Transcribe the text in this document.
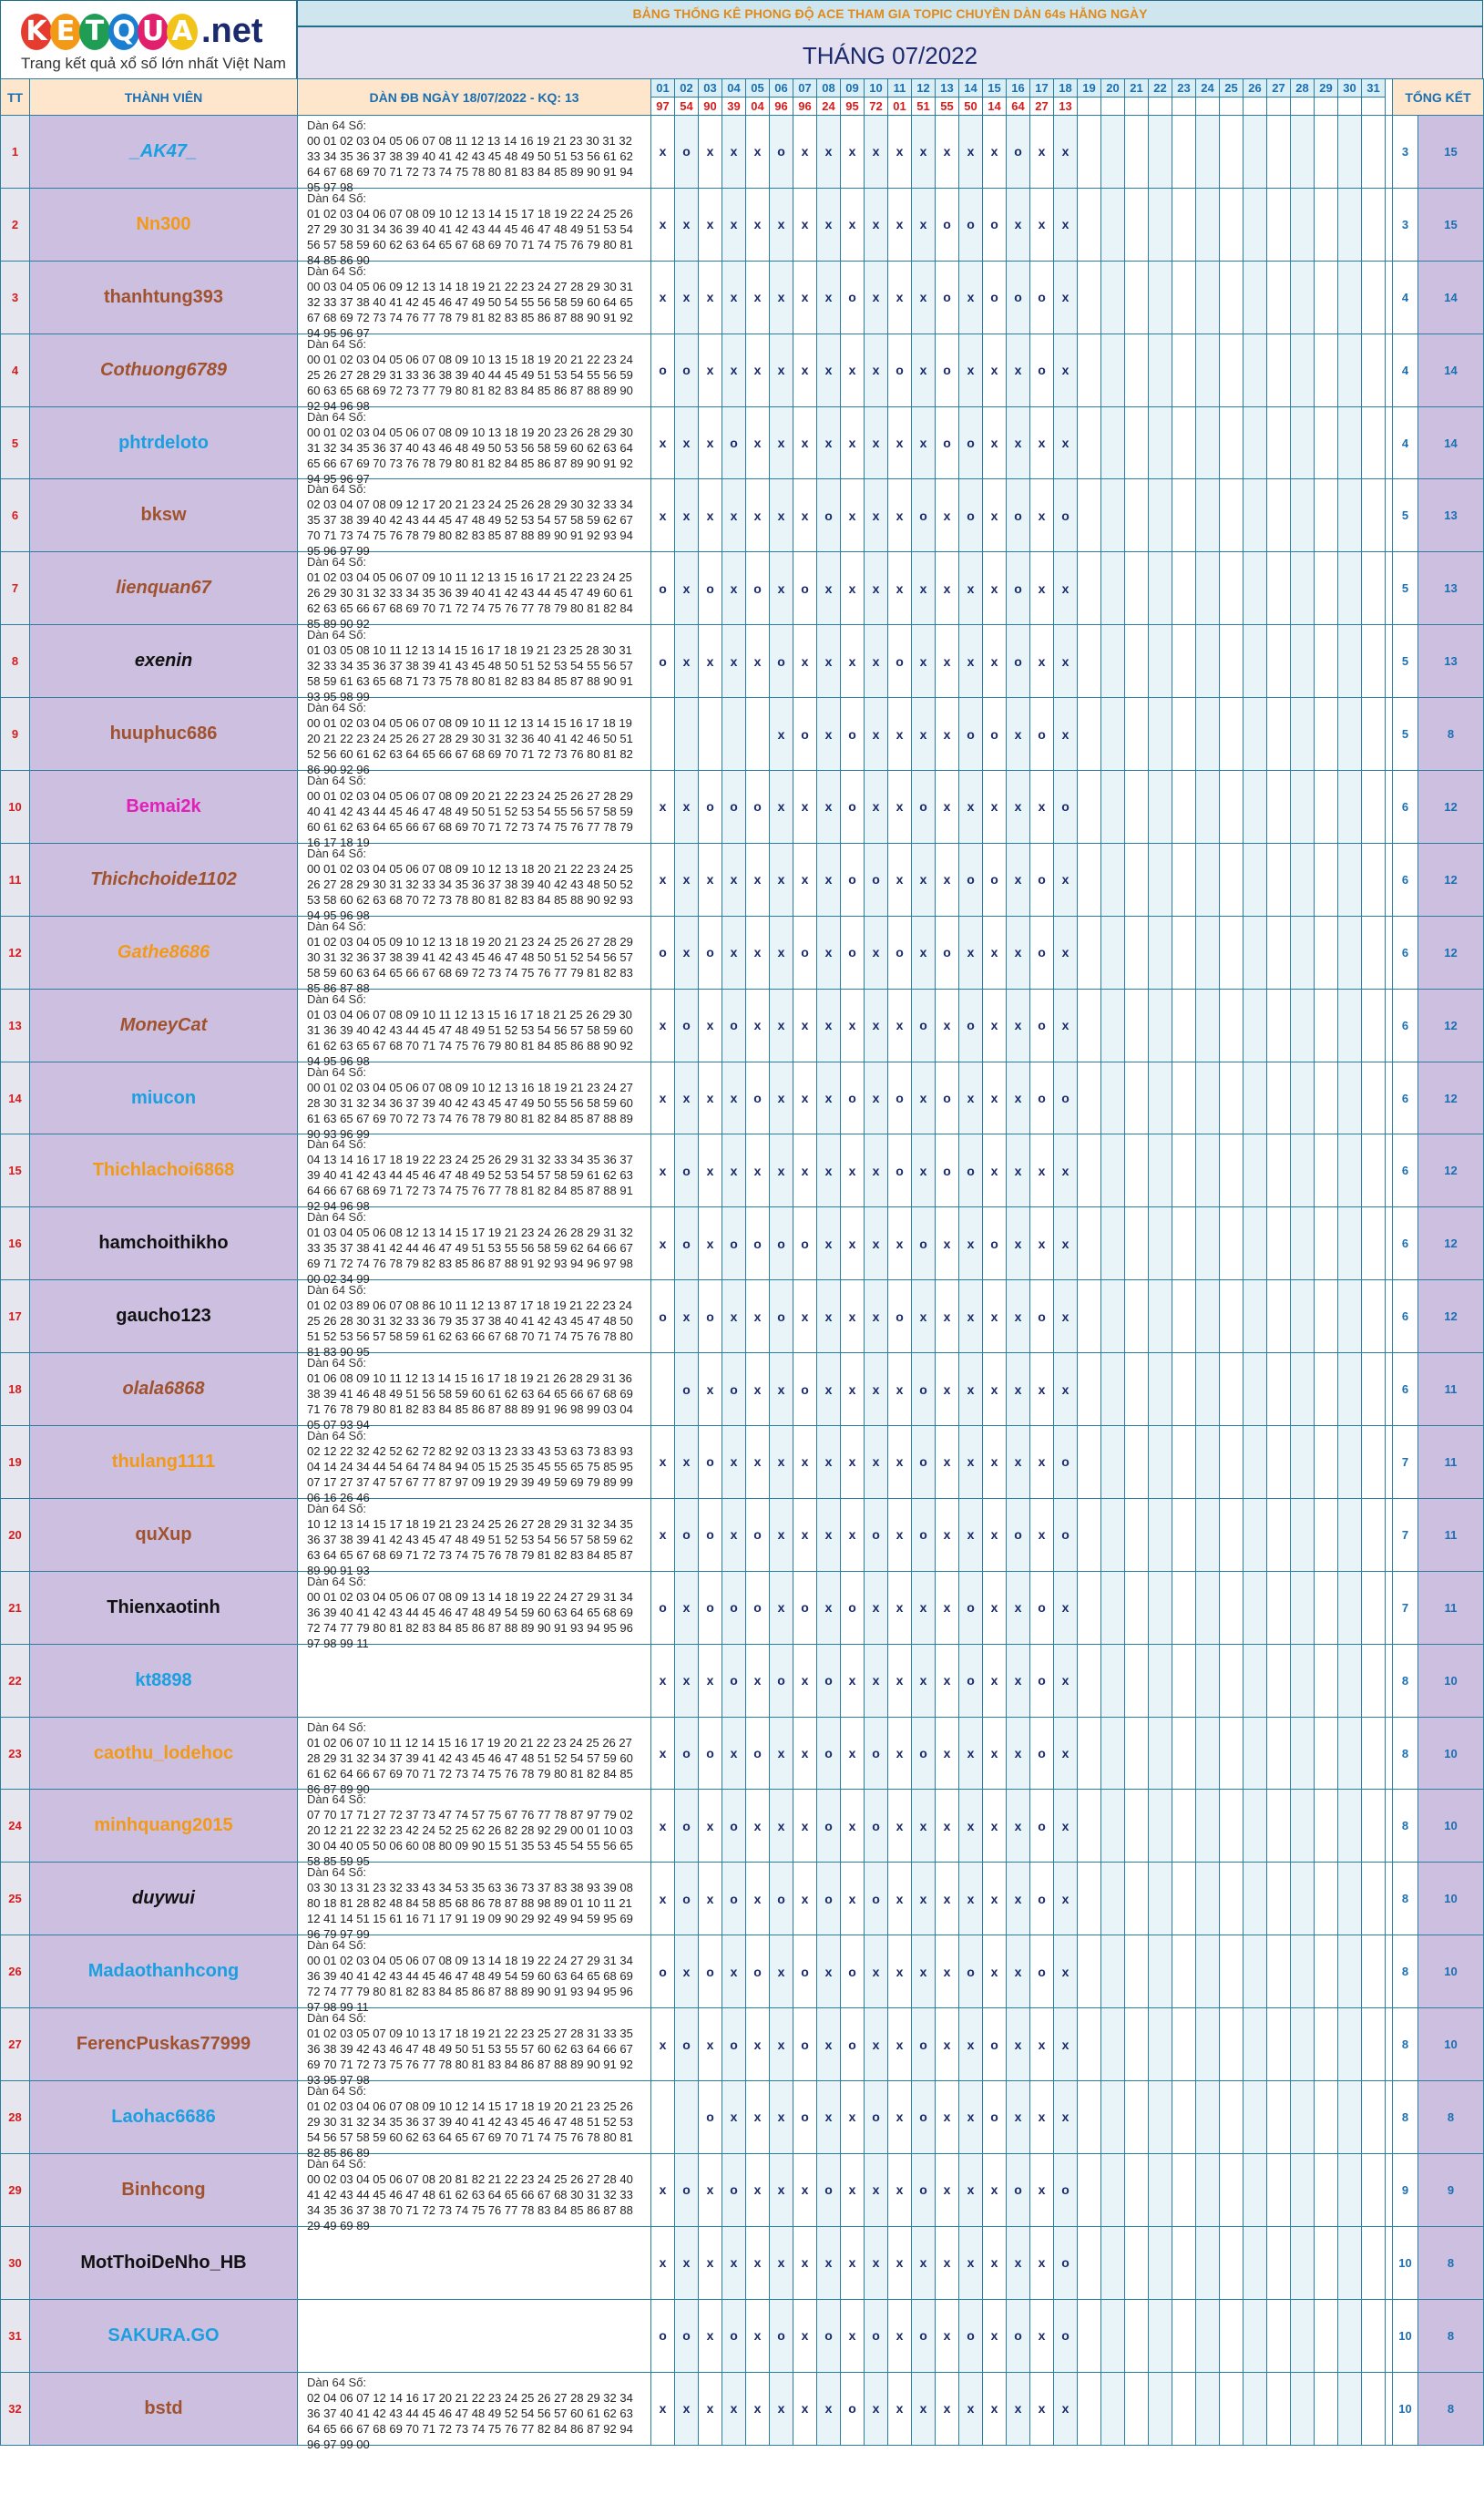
K E T Q U A .net
Trang kết quả xổ số lớn nhất Việt Nam
BẢNG THỐNG KÊ PHONG ĐỘ ACE THAM GIA TOPIC CHUYỀN DÀN 64s HẰNG NGÀY
THÁNG 07/2022
TT	THÀNH VIÊN	DÀN ĐB NGÀY 18/07/2022 - KQ: 13	01	02	03	04	05	06	07	08	09	10	11	12	13	14	15	16	17	18	19	20	21	22	23	24	25	26	27	28	29	30	31		TỔNG KẾT	
			97	54	90	39	04	96	96	24	95	72	01	51	55	50	14	64	27	13																
1	_AK47_	Dàn 64 Số:
00 01 02 03 04 05 06 07 08 11 12 13 14 16 19 21 23 30 31 32 33 34 35 36 37 38 39 40 41 42 43 45 48 49 50 51 53 56 61 62 64 67 68 69 70 71 72 73 74 75 78 80 81 83 84 85 89 90 91 94 95 97 98	x	o	x	x	x	o	x	x	x	x	x	x	x	x	x	o	x	x															3	15
2	Nn300	Dàn 64 Số:
01 02 03 04 06 07 08 09 10 12 13 14 15 17 18 19 22 24 25 26 27 29 30 31 34 36 39 40 41 42 43 44 45 46 47 48 49 51 53 54 56 57 58 59 60 62 63 64 65 67 68 69 70 71 74 75 76 79 80 81 84 85 86 90	x	x	x	x	x	x	x	x	x	x	x	x	o	o	o	x	x	x															3	15
3	thanhtung393	Dàn 64 Số:
00 03 04 05 06 09 12 13 14 18 19 21 22 23 24 27 28 29 30 31 32 33 37 38 40 41 42 45 46 47 49 50 54 55 56 58 59 60 64 65 67 68 69 72 73 74 76 77 78 79 81 82 83 85 86 87 88 90 91 92 94 95 96 97	x	x	x	x	x	x	x	x	o	x	x	x	o	x	o	o	o	x															4	14
4	Cothuong6789	Dàn 64 Số:
00 01 02 03 04 05 06 07 08 09 10 13 15 18 19 20 21 22 23 24 25 26 27 28 29 31 33 36 38 39 40 44 45 49 51 53 54 55 56 59 60 63 65 68 69 72 73 77 79 80 81 82 83 84 85 86 87 88 89 90 92 94 96 98	o	o	x	x	x	x	x	x	x	x	o	x	o	x	x	x	o	x															4	14
5	phtrdeloto	Dàn 64 Số:
00 01 02 03 04 05 06 07 08 09 10 13 18 19 20 23 26 28 29 30 31 32 34 35 36 37 40 43 46 48 49 50 53 56 58 59 60 62 63 64 65 66 67 69 70 73 76 78 79 80 81 82 84 85 86 87 89 90 91 92 94 95 96 97	x	x	x	o	x	x	x	x	x	x	x	x	o	o	x	x	x	x															4	14
6	bksw	Dàn 64 Số:
02 03 04 07 08 09 12 17 20 21 23 24 25 26 28 29 30 32 33 34 35 37 38 39 40 42 43 44 45 47 48 49 52 53 54 57 58 59 62 67 70 71 73 74 75 76 78 79 80 82 83 85 87 88 89 90 91 92 93 94 95 96 97 99	x	x	x	x	x	x	x	o	x	x	x	o	x	o	x	o	x	o															5	13
7	lienquan67	Dàn 64 Số:
01 02 03 04 05 06 07 09 10 11 12 13 15 16 17 21 22 23 24 25 26 29 30 31 32 33 34 35 36 39 40 41 42 43 44 45 47 49 60 61 62 63 65 66 67 68 69 70 71 72 74 75 76 77 78 79 80 81 82 84 85 89 90 92	o	x	o	x	o	x	o	x	x	x	x	x	x	x	x	o	x	x															5	13
8	exenin	Dàn 64 Số:
01 03 05 08 10 11 12 13 14 15 16 17 18 19 21 23 25 28 30 31 32 33 34 35 36 37 38 39 41 43 45 48 50 51 52 53 54 55 56 57 58 59 61 63 65 68 71 73 75 78 80 81 82 83 84 85 87 88 90 91 93 95 98 99	o	x	x	x	x	o	x	x	x	x	o	x	x	x	x	o	x	x															5	13
9	huuphuc686	Dàn 64 Số:
00 01 02 03 04 05 06 07 08 09 10 11 12 13 14 15 16 17 18 19 20 21 22 23 24 25 26 27 28 29 30 31 32 36 40 41 42 46 50 51 52 56 60 61 62 63 64 65 66 67 68 69 70 71 72 73 76 80 81 82 86 90 92 96						x	o	x	o	x	x	x	x	o	o	x	o	x															5	8
10	Bemai2k	Dàn 64 Số:
00 01 02 03 04 05 06 07 08 09 20 21 22 23 24 25 26 27 28 29 40 41 42 43 44 45 46 47 48 49 50 51 52 53 54 55 56 57 58 59 60 61 62 63 64 65 66 67 68 69 70 71 72 73 74 75 76 77 78 79 16 17 18 19	x	x	o	o	o	x	x	x	o	x	x	o	x	x	x	x	x	o															6	12
11	Thichchoide1102	Dàn 64 Số:
00 01 02 03 04 05 06 07 08 09 10 12 13 18 20 21 22 23 24 25 26 27 28 29 30 31 32 33 34 35 36 37 38 39 40 42 43 48 50 52 53 58 60 62 63 68 70 72 73 78 80 81 82 83 84 85 88 90 92 93 94 95 96 98	x	x	x	x	x	x	x	x	o	o	x	x	x	o	o	x	o	x															6	12
12	Gathe8686	Dàn 64 Số:
01 02 03 04 05 09 10 12 13 18 19 20 21 23 24 25 26 27 28 29 30 31 32 36 37 38 39 41 42 43 45 46 47 48 50 51 52 54 56 57 58 59 60 63 64 65 66 67 68 69 72 73 74 75 76 77 79 81 82 83 85 86 87 88	o	x	o	x	x	x	o	x	o	x	o	x	o	x	x	x	o	x															6	12
13	MoneyCat	Dàn 64 Số:
01 03 04 06 07 08 09 10 11 12 13 15 16 17 18 21 25 26 29 30 31 36 39 40 42 43 44 45 47 48 49 51 52 53 54 56 57 58 59 60 61 62 63 65 67 68 70 71 74 75 76 79 80 81 84 85 86 88 90 92 94 95 96 98	x	o	x	o	x	x	x	x	x	x	x	o	x	o	x	x	o	x															6	12
14	miucon	Dàn 64 Số:
00 01 02 03 04 05 06 07 08 09 10 12 13 16 18 19 21 23 24 27 28 30 31 32 34 36 37 39 40 42 43 45 47 49 50 55 56 58 59 60 61 63 65 67 69 70 72 73 74 76 78 79 80 81 82 84 85 87 88 89 90 93 96 99	x	x	x	x	o	x	x	x	o	x	o	x	o	x	x	x	o	o															6	12
15	Thichlachoi6868	Dàn 64 Số:
04 13 14 16 17 18 19 22 23 24 25 26 29 31 32 33 34 35 36 37 39 40 41 42 43 44 45 46 47 48 49 52 53 54 57 58 59 61 62 63 64 66 67 68 69 71 72 73 74 75 76 77 78 81 82 84 85 87 88 91 92 94 96 98	x	o	x	x	x	x	x	x	x	x	o	x	o	o	x	x	x	x															6	12
16	hamchoithikho	Dàn 64 Số:
01 03 04 05 06 08 12 13 14 15 17 19 21 23 24 26 28 29 31 32 33 35 37 38 41 42 44 46 47 49 51 53 55 56 58 59 62 64 66 67 69 71 72 74 76 78 79 82 83 85 86 87 88 91 92 93 94 96 97 98 00 02 34 99	x	o	x	o	o	o	o	x	x	x	x	o	x	x	o	x	x	x															6	12
17	gaucho123	Dàn 64 Số:
01 02 03 89 06 07 08 86 10 11 12 13 87 17 18 19 21 22 23 24 25 26 28 30 31 32 33 36 79 35 37 38 40 41 42 43 45 47 48 50 51 52 53 56 57 58 59 61 62 63 66 67 68 70 71 74 75 76 78 80 81 83 90 95	o	x	o	x	x	o	x	x	x	x	o	x	x	x	x	x	o	x															6	12
18	olala6868	Dàn 64 Số:
01 06 08 09 10 11 12 13 14 15 16 17 18 19 21 26 28 29 31 36 38 39 41 46 48 49 51 56 58 59 60 61 62 63 64 65 66 67 68 69 71 76 78 79 80 81 82 83 84 85 86 87 88 89 91 96 98 99 03 04 05 07 93 94		o	x	o	x	x	o	x	x	x	x	o	x	x	x	x	x	x															6	11
19	thulang1111	Dàn 64 Số:
02 12 22 32 42 52 62 72 82 92 03 13 23 33 43 53 63 73 83 93 04 14 24 34 44 54 64 74 84 94 05 15 25 35 45 55 65 75 85 95 07 17 27 37 47 57 67 77 87 97 09 19 29 39 49 59 69 79 89 99 06 16 26 46	x	x	o	x	x	x	x	x	x	x	x	o	x	x	x	x	x	o															7	11
20	quXup	Dàn 64 Số:
10 12 13 14 15 17 18 19 21 23 24 25 26 27 28 29 31 32 34 35 36 37 38 39 41 42 43 45 47 48 49 51 52 53 54 56 57 58 59 62 63 64 65 67 68 69 71 72 73 74 75 76 78 79 81 82 83 84 85 87 89 90 91 93	x	o	o	x	o	x	x	x	x	o	x	o	x	x	x	o	x	o															7	11
21	Thienxaotinh	Dàn 64 Số:
00 01 02 03 04 05 06 07 08 09 13 14 18 19 22 24 27 29 31 34 36 39 40 41 42 43 44 45 46 47 48 49 54 59 60 63 64 65 68 69 72 74 77 79 80 81 82 83 84 85 86 87 88 89 90 91 93 94 95 96 97 98 99 11	o	x	o	o	o	x	o	x	o	x	x	x	x	o	x	x	o	x															7	11
22	kt8898		x	x	x	o	x	o	x	o	x	x	x	x	x	o	x	x	o	x															8	10
23	caothu_lodehoc	Dàn 64 Số:
01 02 06 07 10 11 12 14 15 16 17 19 20 21 22 23 24 25 26 27 28 29 31 32 34 37 39 41 42 43 45 46 47 48 51 52 54 57 59 60 61 62 64 66 67 69 70 71 72 73 74 75 76 78 79 80 81 82 84 85 86 87 89 90	x	o	o	x	o	x	x	o	x	o	x	o	x	x	x	x	o	x															8	10
24	minhquang2015	Dàn 64 Số:
07 70 17 71 27 72 37 73 47 74 57 75 67 76 77 78 87 97 79 02 20 12 21 22 32 23 42 24 52 25 62 26 82 28 92 29 00 01 10 03 30 04 40 05 50 06 60 08 80 09 90 15 51 35 53 45 54 55 56 65 58 85 59 95	x	o	x	o	x	x	x	o	x	o	x	x	x	x	x	x	o	x															8	10
25	duywui	Dàn 64 Số:
03 30 13 31 23 32 33 43 34 53 35 63 36 73 37 83 38 93 39 08 80 18 81 28 82 48 84 58 85 68 86 78 87 88 98 89 01 10 11 21 12 41 14 51 15 61 16 71 17 91 19 09 90 29 92 49 94 59 95 69 96 79 97 99	x	o	x	o	x	o	x	o	x	o	x	x	x	x	x	x	o	x															8	10
26	Madaothanhcong	Dàn 64 Số:
00 01 02 03 04 05 06 07 08 09 13 14 18 19 22 24 27 29 31 34 36 39 40 41 42 43 44 45 46 47 48 49 54 59 60 63 64 65 68 69 72 74 77 79 80 81 82 83 84 85 86 87 88 89 90 91 93 94 95 96 97 98 99 11	o	x	o	x	o	x	o	x	o	x	x	x	x	o	x	x	o	x															8	10
27	FerencPuskas77999	Dàn 64 Số:
01 02 03 05 07 09 10 13 17 18 19 21 22 23 25 27 28 31 33 35 36 38 39 42 43 46 47 48 49 50 51 53 55 57 60 62 63 64 66 67 69 70 71 72 73 75 76 77 78 80 81 83 84 86 87 88 89 90 91 92 93 95 97 98	x	o	x	o	x	x	o	x	o	x	x	o	x	x	o	x	x	x															8	10
28	Laohac6686	Dàn 64 Số:
01 02 03 04 06 07 08 09 10 12 14 15 17 18 19 20 21 23 25 26 29 30 31 32 34 35 36 37 39 40 41 42 43 45 46 47 48 51 52 53 54 56 57 58 59 60 62 63 64 65 67 69 70 71 74 75 76 78 80 81 82 85 86 89			o	x	x	x	o	x	x	o	x	o	x	x	o	x	x	x															8	8
29	Binhcong	Dàn 64 Số:
00 02 03 04 05 06 07 08 20 81 82 21 22 23 24 25 26 27 28 40 41 42 43 44 45 46 47 48 61 62 63 64 65 66 67 68 30 31 32 33 34 35 36 37 38 70 71 72 73 74 75 76 77 78 83 84 85 86 87 88 29 49 69 89	x	o	x	o	x	x	x	o	x	x	x	o	x	x	x	o	x	o															9	9
30	MotThoiDeNho_HB		x	x	x	x	x	x	x	x	x	x	x	x	x	x	x	x	x	o															10	8
31	SAKURA.GO		o	o	x	o	x	o	x	o	x	o	x	o	x	o	x	o	x	o															10	8
32	bstd	Dàn 64 Số:
02 04 06 07 12 14 16 17 20 21 22 23 24 25 26 27 28 29 32 34 36 37 40 41 42 43 44 45 46 47 48 49 52 54 56 57 60 61 62 63 64 65 66 67 68 69 70 71 72 73 74 75 76 77 82 84 86 87 92 94 96 97 99 00	x	x	x	x	x	x	x	x	o	x	x	x	x	x	x	x	x	x															10	8
